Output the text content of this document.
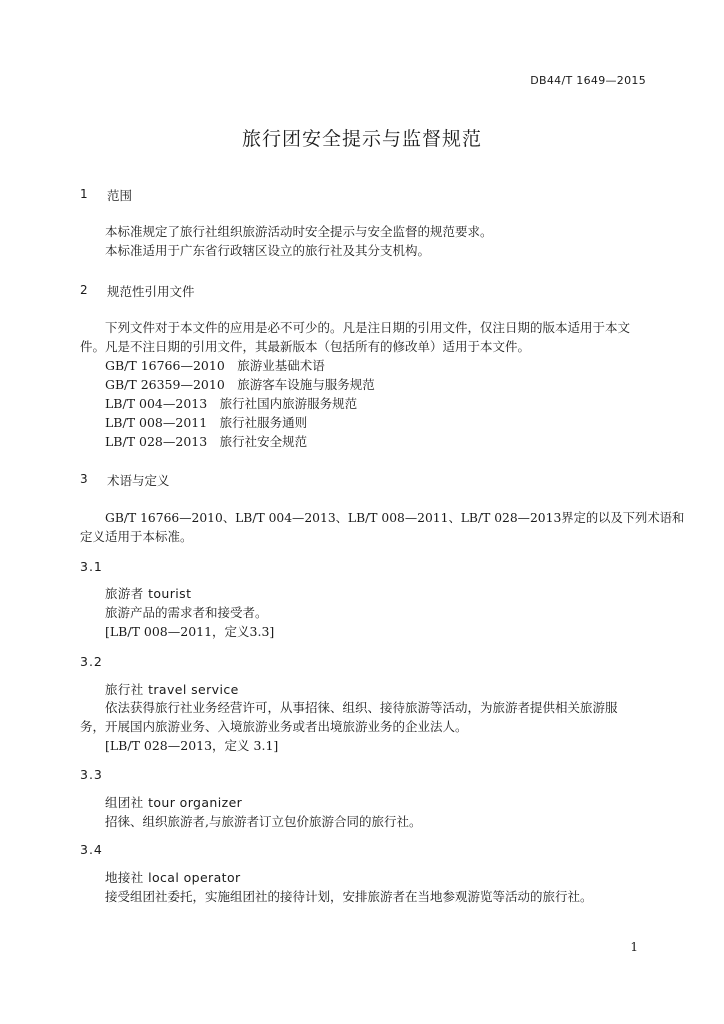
DB44/T 1649—2015
旅行团安全提示与监督规范
1 范围
本标准规定了旅行社组织旅游活动时安全提示与安全监督的规范要求。
本标准适用于广东省行政辖区设立的旅行社及其分支机构。
2 规范性引用文件
下列文件对于本文件的应用是必不可少的。凡是注日期的引用文件，仅注日期的版本适用于本文
件。凡是不注日期的引用文件，其最新版本（包括所有的修改单）适用于本文件。
GB/T 16766—2010　旅游业基础术语
GB/T 26359—2010　旅游客车设施与服务规范
LB/T 004—2013　旅行社国内旅游服务规范
LB/T 008—2011　旅行社服务通则
LB/T 028—2013　旅行社安全规范
3 术语与定义
GB/T 16766—2010、LB/T 004—2013、LB/T 008—2011、LB/T 028—2013界定的以及下列术语和
定义适用于本标准。
3.1
旅游者 tourist
旅游产品的需求者和接受者。
[LB/T 008—2011，定义3.3]
3.2
旅行社 travel service
依法获得旅行社业务经营许可，从事招徕、组织、接待旅游等活动，为旅游者提供相关旅游服
务，开展国内旅游业务、入境旅游业务或者出境旅游业务的企业法人。
[LB/T 028—2013，定义 3.1]
3.3
组团社 tour organizer
招徕、组织旅游者,与旅游者订立包价旅游合同的旅行社。
3.4
地接社 local operator
接受组团社委托，实施组团社的接待计划，安排旅游者在当地参观游览等活动的旅行社。
1
